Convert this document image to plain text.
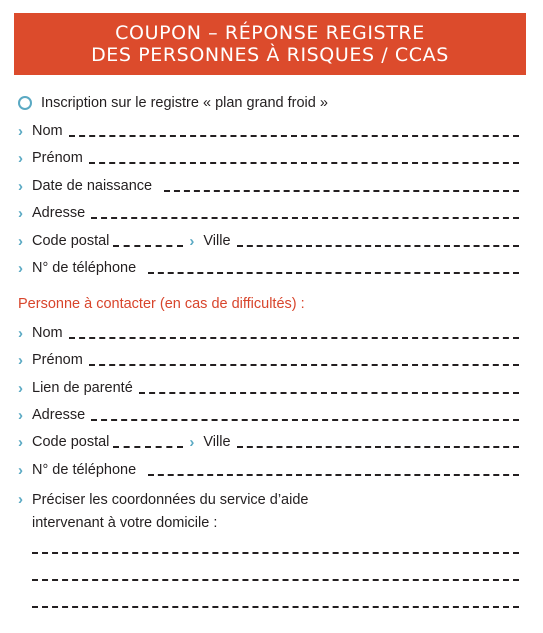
COUPON – RÉPONSE REGISTRE
DES PERSONNES À RISQUES / CCAS
Inscription sur le registre « plan grand froid »
› Nom
› Prénom
› Date de naissance
› Adresse
› Code postal	› Ville
› N° de téléphone
Personne à contacter (en cas de difficultés) :
› Nom
› Prénom
› Lien de parenté
› Adresse
› Code postal	› Ville
› N° de téléphone
› Préciser les coordonnées du service d’aide
intervenant à votre domicile :
